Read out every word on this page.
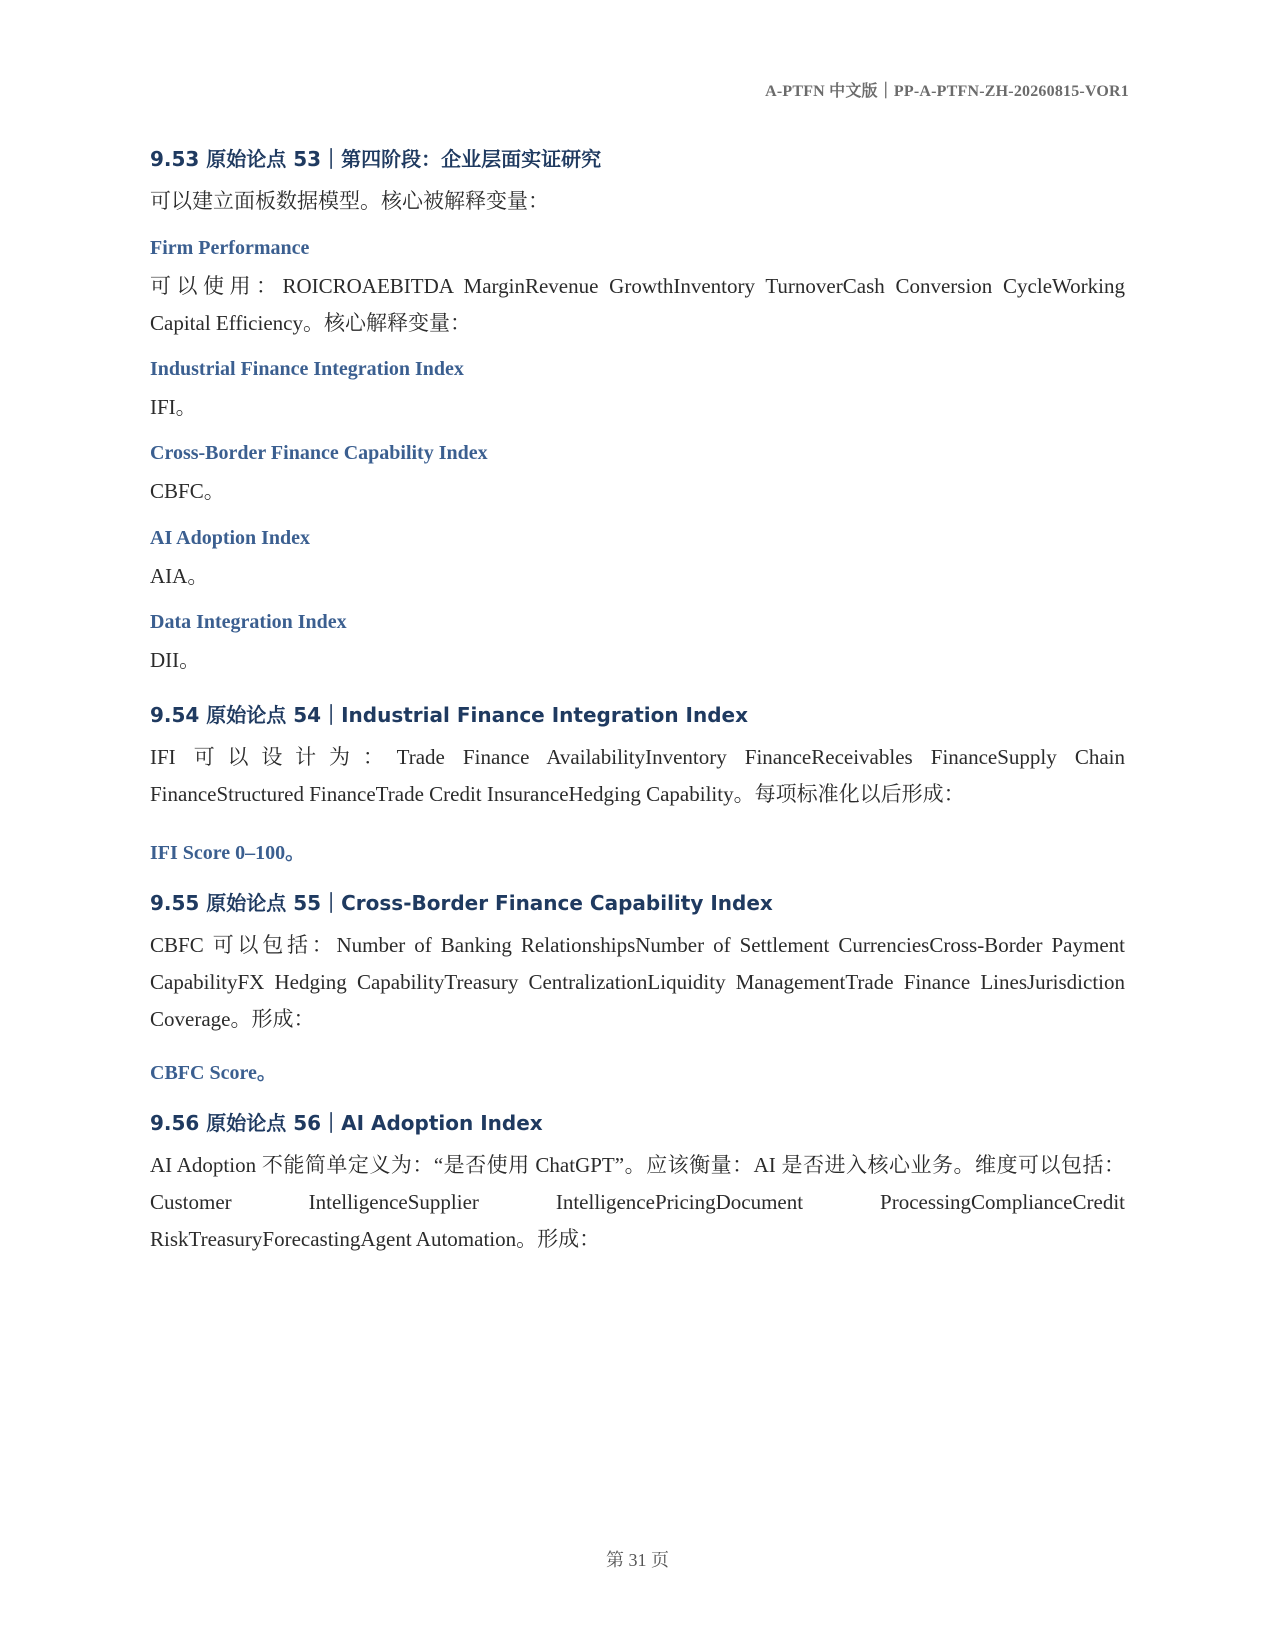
A-PTFN 中文版｜PP-A-PTFN-ZH-20260815-VOR1
9.53 原始论点 53｜第四阶段：企业层面实证研究

可以建立面板数据模型。核心被解释变量：

Firm Performance

可以使用：ROICROAEBITDA MarginRevenue GrowthInventory TurnoverCash Conversion CycleWorking Capital Efficiency。核心解释变量：

Industrial Finance Integration Index

IFI。

Cross-Border Finance Capability Index

CBFC。

AI Adoption Index

AIA。

Data Integration Index

DII。

9.54 原始论点 54｜Industrial Finance Integration Index

IFI 可以设计为：Trade Finance AvailabilityInventory FinanceReceivables FinanceSupply Chain FinanceStructured FinanceTrade Credit InsuranceHedging Capability。每项标准化以后形成：

IFI Score 0–100。
9.55 原始论点 55｜Cross-Border Finance Capability Index

CBFC 可以包括：Number of Banking RelationshipsNumber of Settlement CurrenciesCross-Border Payment CapabilityFX Hedging CapabilityTreasury CentralizationLiquidity ManagementTrade Finance LinesJurisdiction Coverage。形成：

CBFC Score。
9.56 原始论点 56｜AI Adoption Index

AI Adoption 不能简单定义为：“是否使用 ChatGPT”。应该衡量：AI 是否进入核心业务。维度可以包括：Customer IntelligenceSupplier IntelligencePricingDocument ProcessingComplianceCredit RiskTreasuryForecastingAgent Automation。形成：

第 31 页
